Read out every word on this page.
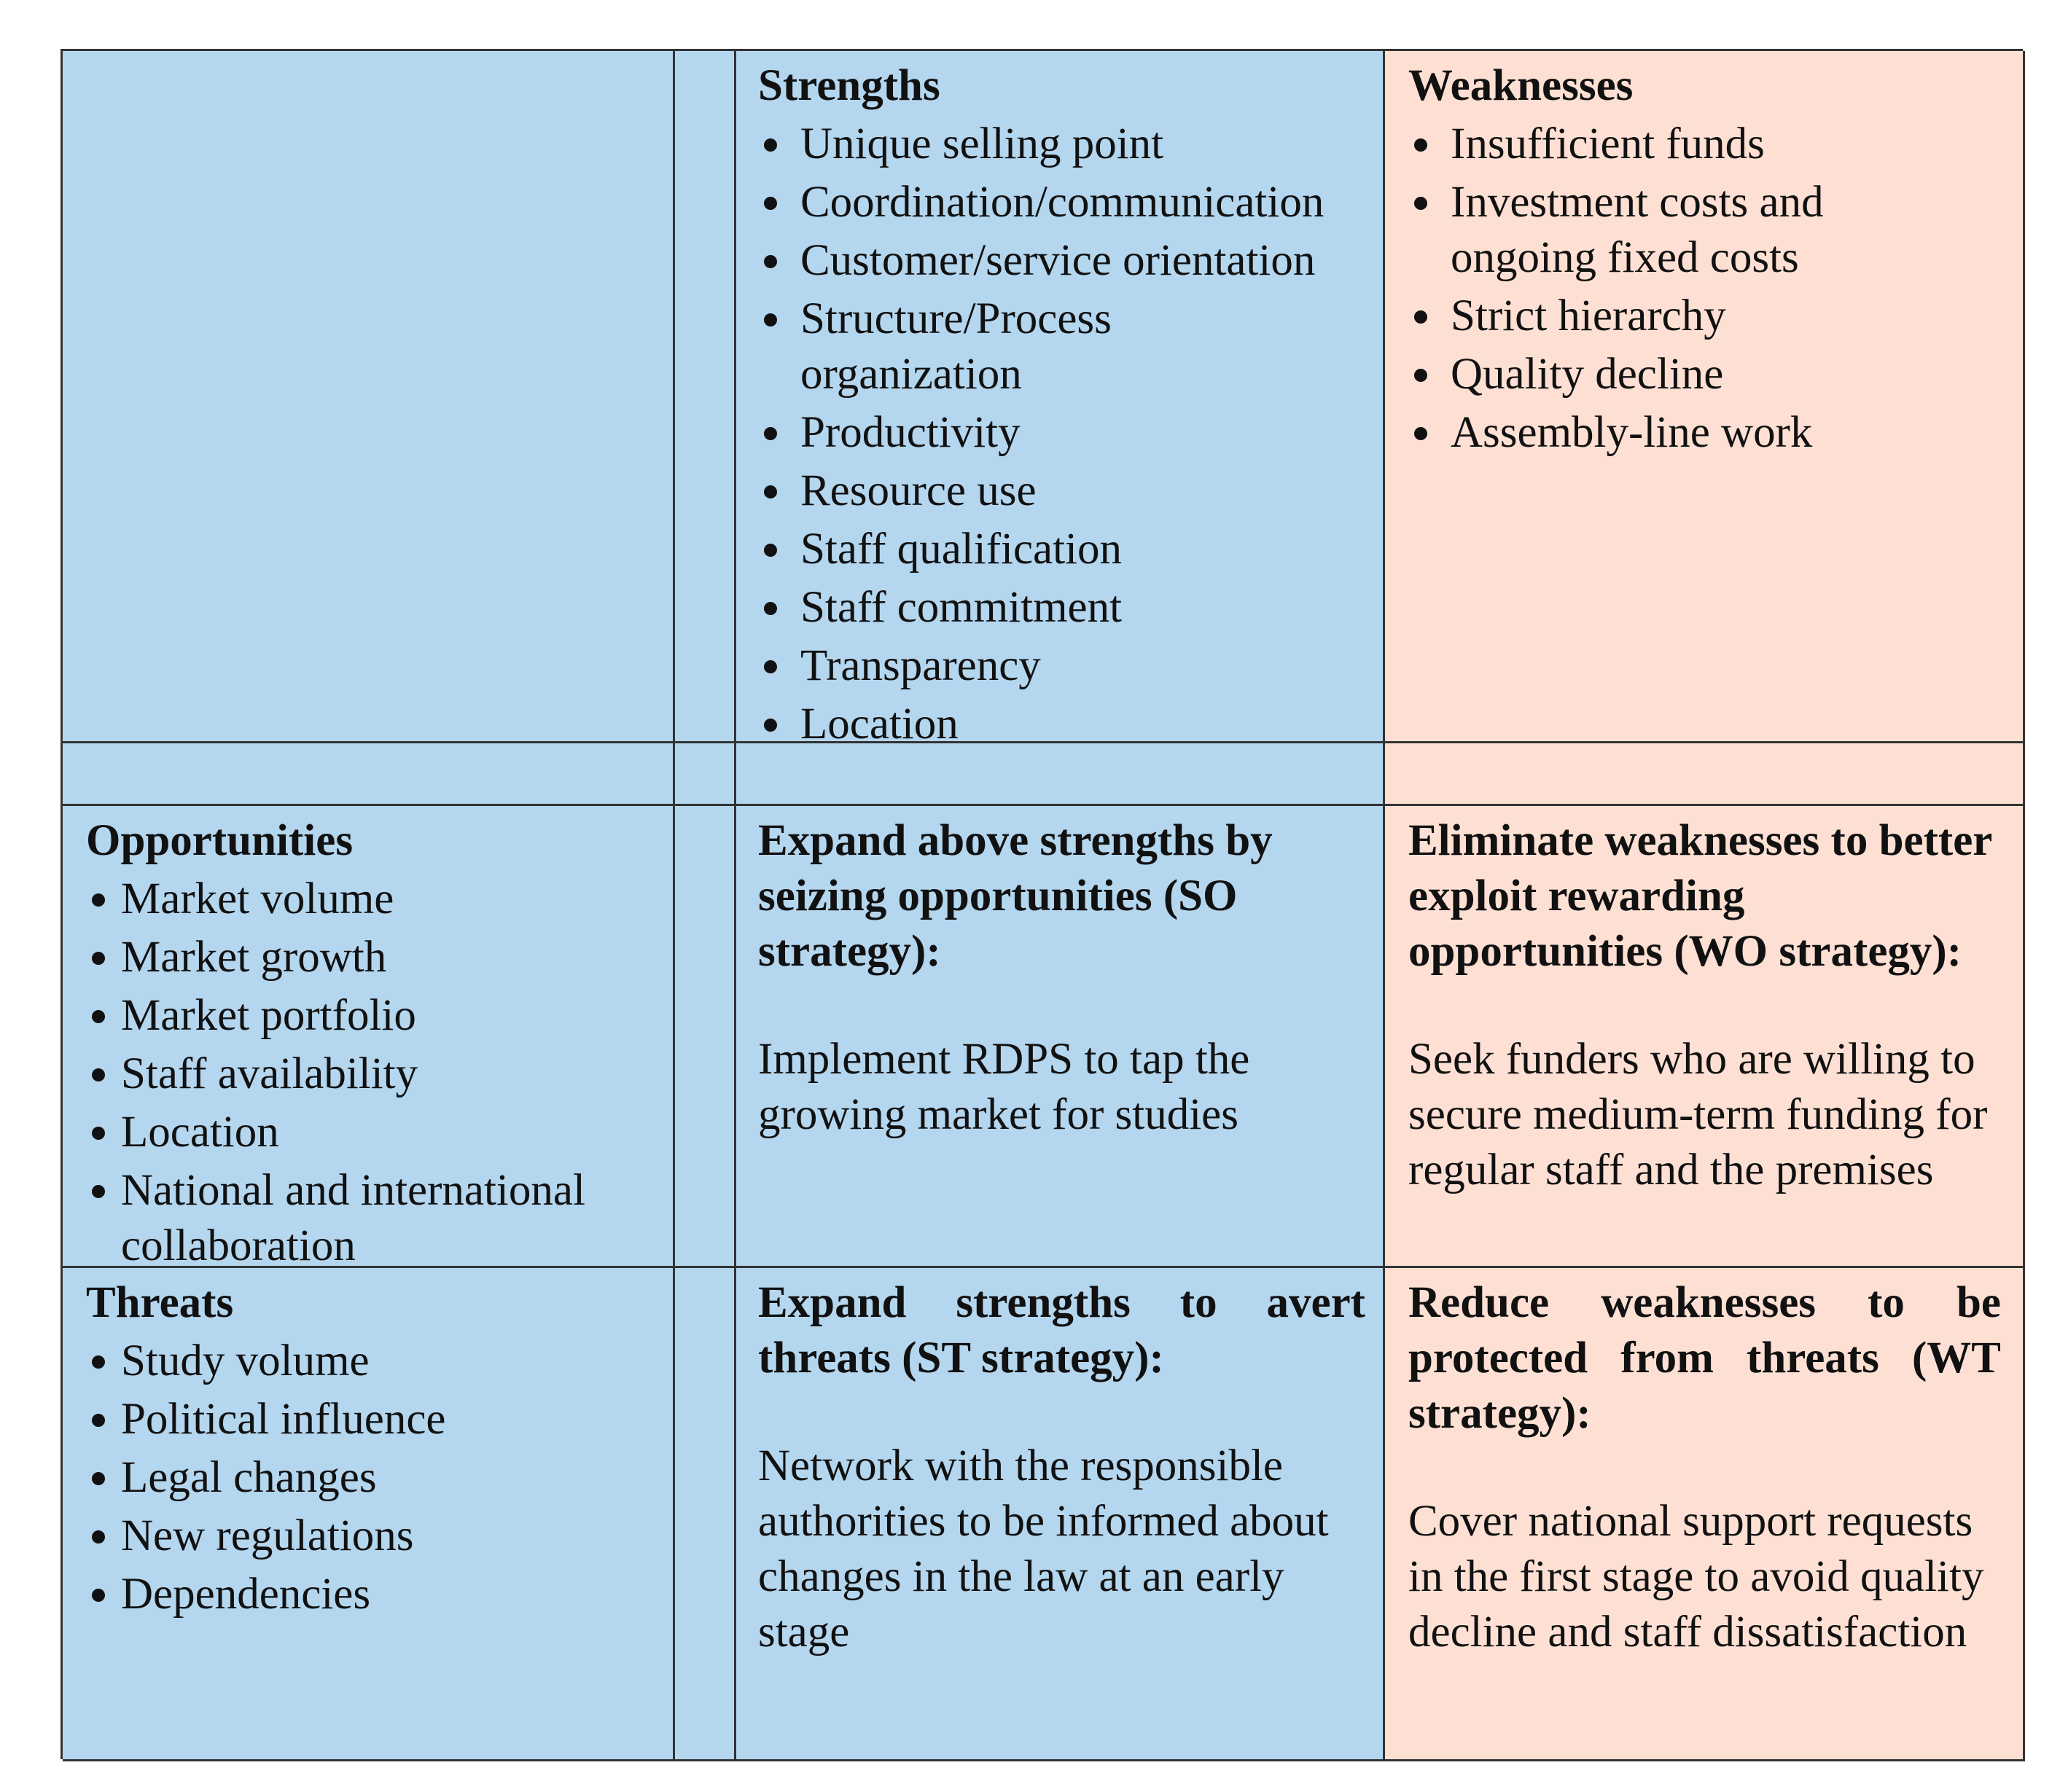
Strengths

Unique selling point
Coordination/communication
Customer/service orientation
Structure/Process organization
Productivity
Resource use
Staff qualification
Staff commitment
Transparency
Location

Weaknesses

Insufficient funds
Investment costs and ongoing fixed costs
Strict hierarchy
Quality decline
Assembly-line work

Opportunities

Market volume
Market growth
Market portfolio
Staff availability
Location
National and international collaboration

Expand above strengths by seizing opportunities (SO strategy):

Implement RDPS to tap the growing market for studies

Eliminate weaknesses to better exploit rewarding opportunities (WO strategy):

Seek funders who are willing to secure medium-term funding for regular staff and the premises

Threats

Study volume
Political influence
Legal changes
New regulations
Dependencies
Expand strengths to avert
threats (ST strategy):

Network with the responsible authorities to be informed about changes in the law at an early stage

Reduce weaknesses to be
protected from threats (WT
strategy):

Cover national support requests in the first stage to avoid quality decline and staff dissatisfaction
